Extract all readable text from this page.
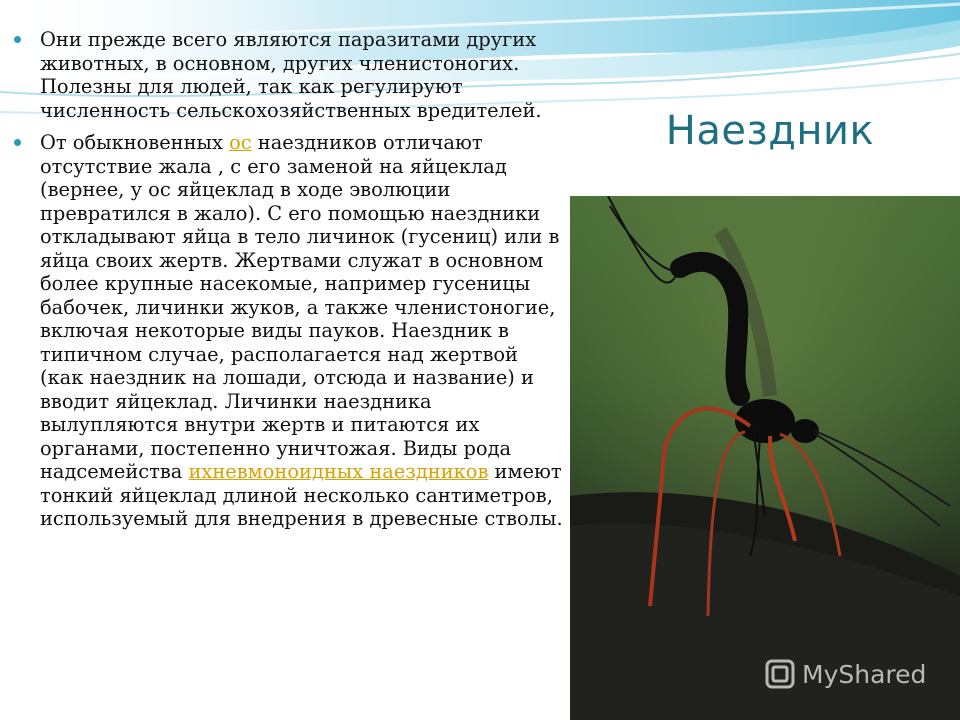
Наездник
Они прежде всего являются паразитами других животных, в основном, других членистоногих. Полезны для людей, так как регулируют численность сельскохозяйственных вредителей.
От обыкновенных ос наездников отличают отсутствие жала , с его заменой на яйцеклад (вернее, у ос яйцеклад в ходе эволюции превратился в жало). С его помощью наездники откладывают яйца в тело личинок (гусениц) или в яйца своих жертв. Жертвами служат в основном более крупные насекомые, например гусеницы бабочек, личинки жуков, а также членистоногие, включая некоторые виды пауков. Наездник в типичном случае, располагается над жертвой (как наездник на лошади, отсюда и название) и вводит яйцеклад. Личинки наездника вылупляются внутри жертв и питаются их органами, постепенно уничтожая. Виды рода надсемейства ихневмоноидных наездников имеют тонкий яйцеклад длиной несколько сантиметров, используемый для внедрения в древесные стволы.
MyShared
